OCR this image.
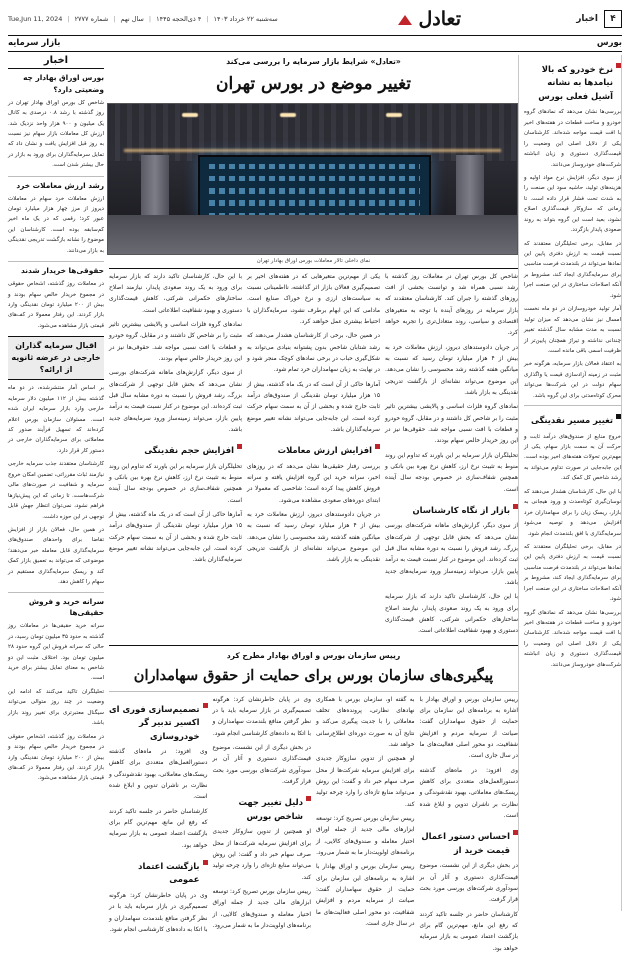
۴
اخبار
تعادل
سه‌شنبه ۲۲ خرداد ۱۴۰۳
|
۴ ذی‌الحجه ۱۴۴۵
|
سال نهم
|
شماره ۲۷۷۷
|
Tue,Jun 11, 2024
بورس
بازار سرمایه
نرخ خودرو که بالا نیامدها به نشانه آشیل فعلی بورس

بررسی‌ها نشان می‌دهد که نمادهای گروه خودرو و ساخت قطعات در هفته‌های اخیر با افت قیمت مواجه شده‌اند. کارشناسان یکی از دلایل اصلی این وضعیت را قیمت‌گذاری دستوری و زیان انباشته شرکت‌های خودروساز می‌دانند.

از سوی دیگر، افزایش نرخ مواد اولیه و هزینه‌های تولید، حاشیه سود این صنعت را به شدت تحت فشار قرار داده است. تا زمانی که سازوکار قیمت‌گذاری اصلاح نشود، بعید است این گروه بتواند به روند صعودی پایدار بازگردد.

در مقابل، برخی تحلیلگران معتقدند که نسبت قیمت به ارزش دفتری پایین این نمادها می‌تواند در بلندمدت فرصت مناسبی برای سرمایه‌گذاری ایجاد کند، مشروط بر آنکه اصلاحات ساختاری در این صنعت اجرا شود.

آمار تولید خودروسازان در دو ماه نخست امسال نیز نشان می‌دهد که میزان تولید نسبت به مدت مشابه سال گذشته تغییر چندانی نداشته و تیراژ همچنان پایین‌تر از ظرفیت اسمی باقی مانده است.

به اعتقاد فعالان بازار سرمایه، هرگونه خبر مثبت در زمینه آزادسازی قیمت یا واگذاری سهام دولت در این شرکت‌ها می‌تواند محرک کوتاه‌مدتی برای این گروه باشد.

تغییر مسیر نقدینگی

خروج منابع از صندوق‌های درآمد ثابت و حرکت آن به سمت بازار سهام، یکی از مهم‌ترین تحولات هفته‌های اخیر بوده است. این جابه‌جایی در صورت تداوم می‌تواند به رشد شاخص کل کمک کند.

با این حال، کارشناسان هشدار می‌دهند که نوسان‌گیری کوتاه‌مدت و ورود هیجانی به بازار، ریسک زیان را برای سهامداران خرد افزایش می‌دهد و توصیه می‌شود سرمایه‌گذاری با افق بلندمدت انجام شود.

در مقابل، برخی تحلیلگران معتقدند که نسبت قیمت به ارزش دفتری پایین این نمادها می‌تواند در بلندمدت فرصت مناسبی برای سرمایه‌گذاری ایجاد کند، مشروط بر آنکه اصلاحات ساختاری در این صنعت اجرا شود.

بررسی‌ها نشان می‌دهد که نمادهای گروه خودرو و ساخت قطعات در هفته‌های اخیر با افت قیمت مواجه شده‌اند. کارشناسان یکی از دلایل اصلی این وضعیت را قیمت‌گذاری دستوری و زیان انباشته شرکت‌های خودروساز می‌دانند.

«تعادل» شرایط بازار سرمایه را بررسی می‌کند
تغییر موضع در بورس تهران
نمای داخلی تالار معاملات بورس اوراق بهادار تهران

شاخص کل بورس تهران در معاملات روز گذشته با رشد نسبی همراه شد و توانست بخشی از افت روزهای گذشته را جبران کند. کارشناسان معتقدند که بازار سرمایه در روزهای آینده با توجه به متغیرهای اقتصادی و سیاسی، روند متعادل‌تری را تجربه خواهد کرد.

در جریان دادوستدهای دیروز، ارزش معاملات خرد به بیش از ۴ هزار میلیارد تومان رسید که نسبت به میانگین هفته گذشته رشد محسوسی را نشان می‌دهد. این موضوع می‌تواند نشانه‌ای از بازگشت تدریجی نقدینگی به بازار باشد.

نمادهای گروه فلزات اساسی و پالایشی بیشترین تاثیر مثبت را بر شاخص کل داشتند و در مقابل، گروه خودرو و قطعات با افت نسبی مواجه شد. حقوقی‌ها نیز در این روز خریدار خالص سهام بودند.

تحلیلگران بازار سرمایه بر این باورند که تداوم این روند منوط به تثبیت نرخ ارز، کاهش نرخ بهره بین بانکی و همچنین شفاف‌سازی در خصوص بودجه سال آینده است.

بازار از نگاه کارشناسان

از سوی دیگر، گزارش‌های ماهانه شرکت‌های بورسی نشان می‌دهد که بخش قابل توجهی از شرکت‌های بزرگ، رشد فروش را نسبت به دوره مشابه سال قبل ثبت کرده‌اند. این موضوع در کنار نسبت قیمت به درآمد پایین بازار، می‌تواند زمینه‌ساز ورود سرمایه‌های جدید باشد.

با این حال، کارشناسان تاکید دارند که بازار سرمایه برای ورود به یک روند صعودی پایدار، نیازمند اصلاح ساختارهای حکمرانی شرکتی، کاهش قیمت‌گذاری دستوری و بهبود شفافیت اطلاعاتی است.

یکی از مهم‌ترین متغیرهایی که در هفته‌های اخیر بر تصمیم‌گیری فعالان بازار اثر گذاشته، نااطمینانی نسبت به سیاست‌های ارزی و نرخ خوراک صنایع است. مادامی که این ابهام برطرف نشود، سرمایه‌گذاران با احتیاط بیشتری عمل خواهند کرد.

در همین حال، برخی از کارشناسان هشدار می‌دهند که رشد شتابان شاخص بدون پشتوانه بنیادی می‌تواند به شکل‌گیری حباب در برخی نمادهای کوچک منجر شود و در نهایت به زیان سهامداران خرد تمام شود.

آمارها حاکی از آن است که در یک ماه گذشته، بیش از ۱۵ هزار میلیارد تومان نقدینگی از صندوق‌های درآمد ثابت خارج شده و بخشی از آن به سمت سهام حرکت کرده است. این جابه‌جایی می‌تواند نشانه تغییر موضع سرمایه‌گذاران باشد.

افزایش ارزش معاملات

بررسی رفتار حقیقی‌ها نشان می‌دهد که در روزهای اخیر، سرانه خرید این گروه افزایش یافته و سرانه فروش کاهش پیدا کرده است؛ شاخصی که معمولا در ابتدای دوره‌های صعودی مشاهده می‌شود.

در جریان دادوستدهای دیروز، ارزش معاملات خرد به بیش از ۴ هزار میلیارد تومان رسید که نسبت به میانگین هفته گذشته رشد محسوسی را نشان می‌دهد. این موضوع می‌تواند نشانه‌ای از بازگشت تدریجی نقدینگی به بازار باشد.

با این حال، کارشناسان تاکید دارند که بازار سرمایه برای ورود به یک روند صعودی پایدار، نیازمند اصلاح ساختارهای حکمرانی شرکتی، کاهش قیمت‌گذاری دستوری و بهبود شفافیت اطلاعاتی است.

نمادهای گروه فلزات اساسی و پالایشی بیشترین تاثیر مثبت را بر شاخص کل داشتند و در مقابل، گروه خودرو و قطعات با افت نسبی مواجه شد. حقوقی‌ها نیز در این روز خریدار خالص سهام بودند.

از سوی دیگر، گزارش‌های ماهانه شرکت‌های بورسی نشان می‌دهد که بخش قابل توجهی از شرکت‌های بزرگ، رشد فروش را نسبت به دوره مشابه سال قبل ثبت کرده‌اند. این موضوع در کنار نسبت قیمت به درآمد پایین بازار، می‌تواند زمینه‌ساز ورود سرمایه‌های جدید باشد.

افزایش حجم نقدینگی

تحلیلگران بازار سرمایه بر این باورند که تداوم این روند منوط به تثبیت نرخ ارز، کاهش نرخ بهره بین بانکی و همچنین شفاف‌سازی در خصوص بودجه سال آینده است.

آمارها حاکی از آن است که در یک ماه گذشته، بیش از ۱۵ هزار میلیارد تومان نقدینگی از صندوق‌های درآمد ثابت خارج شده و بخشی از آن به سمت سهام حرکت کرده است. این جابه‌جایی می‌تواند نشانه تغییر موضع سرمایه‌گذاران باشد.

رییس سازمان بورس و اوراق بهادار مطرح کرد
پیگیری‌های سازمان بورس برای حمایت از حقوق سهامداران

رییس سازمان بورس و اوراق بهادار با اشاره به برنامه‌های این سازمان برای حمایت از حقوق سهامداران گفت: صیانت از سرمایه مردم و افزایش شفافیت، دو محور اصلی فعالیت‌های ما در سال جاری است.

وی افزود: در ماه‌های گذشته دستورالعمل‌های متعددی برای کاهش ریسک‌های معاملاتی، بهبود نقدشوندگی و نظارت بر ناشران تدوین و ابلاغ شده است.

احساس دستور اعمال قیمت خرید از

در بخش دیگری از این نشست، موضوع قیمت‌گذاری دستوری و آثار آن بر سودآوری شرکت‌های بورسی مورد بحث قرار گرفت.

کارشناسان حاضر در جلسه تاکید کردند که رفع این مانع، مهم‌ترین گام برای بازگشت اعتماد عمومی به بازار سرمایه خواهد بود.

به گفته او، سازمان بورس با همکاری نهادهای نظارتی، پرونده‌های تخلف معاملاتی را با جدیت پیگیری می‌کند و نتایج آن به صورت دوره‌ای اطلاع‌رسانی خواهد شد.

او همچنین از تدوین سازوکار جدیدی برای افزایش سرمایه شرکت‌ها از محل صرف سهام خبر داد و گفت: این روش می‌تواند منابع تازه‌ای را وارد چرخه تولید کند.

رییس سازمان بورس تصریح کرد: توسعه ابزارهای مالی جدید از جمله اوراق اختیار معامله و صندوق‌های کالایی، از برنامه‌های اولویت‌دار ما به شمار می‌رود.

رییس سازمان بورس و اوراق بهادار با اشاره به برنامه‌های این سازمان برای حمایت از حقوق سهامداران گفت: صیانت از سرمایه مردم و افزایش شفافیت، دو محور اصلی فعالیت‌های ما در سال جاری است.

وی در پایان خاطرنشان کرد: هرگونه تصمیم‌گیری در بازار سرمایه باید با در نظر گرفتن منافع بلندمدت سهامداران و با اتکا به داده‌های کارشناسی انجام شود.

در بخش دیگری از این نشست، موضوع قیمت‌گذاری دستوری و آثار آن بر سودآوری شرکت‌های بورسی مورد بحث قرار گرفت.

دلیل تغییر جهت شاخص بورس

او همچنین از تدوین سازوکار جدیدی برای افزایش سرمایه شرکت‌ها از محل صرف سهام خبر داد و گفت: این روش می‌تواند منابع تازه‌ای را وارد چرخه تولید کند.

رییس سازمان بورس تصریح کرد: توسعه ابزارهای مالی جدید از جمله اوراق اختیار معامله و صندوق‌های کالایی، از برنامه‌های اولویت‌دار ما به شمار می‌رود.

تصمیم‌سازی فوری ای اکسیر تدبیر گر خودروسازی

وی افزود: در ماه‌های گذشته دستورالعمل‌های متعددی برای کاهش ریسک‌های معاملاتی، بهبود نقدشوندگی و نظارت بر ناشران تدوین و ابلاغ شده است.

کارشناسان حاضر در جلسه تاکید کردند که رفع این مانع، مهم‌ترین گام برای بازگشت اعتماد عمومی به بازار سرمایه خواهد بود.

بازگشت اعتماد عمومی

وی در پایان خاطرنشان کرد: هرگونه تصمیم‌گیری در بازار سرمایه باید با در نظر گرفتن منافع بلندمدت سهامداران و با اتکا به داده‌های کارشناسی انجام شود.

اخبار
بورس اوراق بهادار چه وضعیتی دارد؟

شاخص کل بورس اوراق بهادار تهران در روز گذشته با رشد ۰.۸ درصدی به کانال یک میلیون و ۹۰۰ هزار واحد نزدیک شد. ارزش کل معاملات بازار سهام نیز نسبت به روز قبل افزایش یافت و نشان داد که تمایل سرمایه‌گذاران برای ورود به بازار در حال بیشتر شدن است.

رشد ارزش معاملات خرد

ارزش معاملات خرد سهام در معاملات دیروز از مرز چهار هزار میلیارد تومان عبور کرد؛ رقمی که در یک ماه اخیر کم‌سابقه بوده است. کارشناسان این موضوع را نشانه بازگشت تدریجی نقدینگی به بازار می‌دانند.

حقوقی‌ها خریدار شدند

در معاملات روز گذشته، اشخاص حقوقی در مجموع خریدار خالص سهام بودند و بیش از ۲۰۰ میلیارد تومان نقدینگی وارد بازار کردند. این رفتار معمولا در کف‌های قیمتی بازار مشاهده می‌شود.

اقبال سرمایه گذاران خارجی در عرضه ثانویه از ارائه؟

بر اساس آمار منتشرشده، در دو ماه گذشته بیش از ۱۱۲ میلیون دلار سرمایه خارجی وارد بازار سرمایه ایران شده است. مسئولان سازمان بورس اعلام کرده‌اند که تسهیل فرآیند صدور کد معاملاتی برای سرمایه‌گذاران خارجی در دستور کار قرار دارد.

کارشناسان معتقدند جذب سرمایه خارجی نیازمند ثبات مقرراتی، تضمین امکان خروج سرمایه و شفافیت در صورت‌های مالی شرکت‌هاست. تا زمانی که این پیش‌نیازها فراهم نشود، نمی‌توان انتظار جهش قابل توجهی در این حوزه داشت.

در همین حال، فعالان بازار از افزایش تقاضا برای واحدهای صندوق‌های سرمایه‌گذاری قابل معامله خبر می‌دهند؛ موضوعی که می‌تواند به تعمیق بازار کمک کند و ریسک سرمایه‌گذاری مستقیم در سهام را کاهش دهد.

سرانه خرید و فروش حقیقی‌ها

سرانه خرید حقیقی‌ها در معاملات روز گذشته به حدود ۳۵ میلیون تومان رسید، در حالی که سرانه فروش این گروه حدود ۲۸ میلیون تومان بود. اختلاف مثبت این دو شاخص به معنای تمایل بیشتر برای خرید است.

تحلیلگران تاکید می‌کنند که ادامه این وضعیت در چند روز متوالی می‌تواند سیگنال معتبرتری برای تغییر روند بازار باشد.

در معاملات روز گذشته، اشخاص حقوقی در مجموع خریدار خالص سهام بودند و بیش از ۲۰۰ میلیارد تومان نقدینگی وارد بازار کردند. این رفتار معمولا در کف‌های قیمتی بازار مشاهده می‌شود.
